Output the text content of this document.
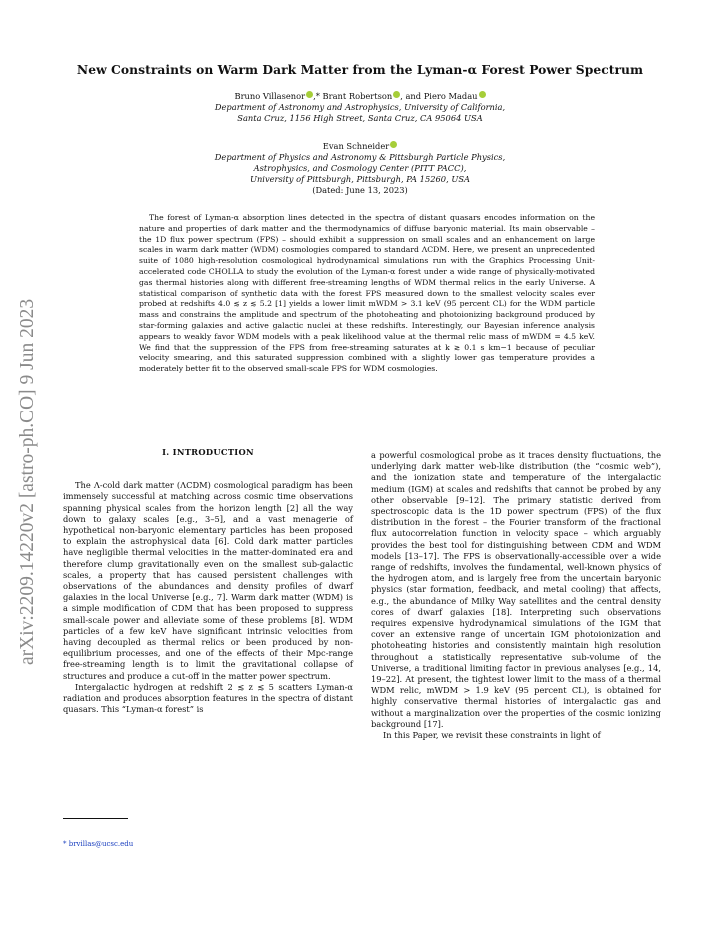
arXiv:2209.14220v2 [astro-ph.CO] 9 Jun 2023
New Constraints on Warm Dark Matter from the Lyman-α Forest Power Spectrum
Bruno Villasenor ,* Brant Robertson , and Piero Madau
Department of Astronomy and Astrophysics, University of California,
Santa Cruz, 1156 High Street, Santa Cruz, CA 95064 USA
Evan Schneider
Department of Physics and Astronomy & Pittsburgh Particle Physics,
Astrophysics, and Cosmology Center (PITT PACC),
University of Pittsburgh, Pittsburgh, PA 15260, USA
(Dated: June 13, 2023)

The forest of Lyman-α absorption lines detected in the spectra of distant quasars encodes information on the nature and properties of dark matter and the thermodynamics of diffuse baryonic material. Its main observable – the 1D flux power spectrum (FPS) – should exhibit a suppression on small scales and an enhancement on large scales in warm dark matter (WDM) cosmologies compared to standard ΛCDM. Here, we present an unprecedented suite of 1080 high-resolution cosmological hydrodynamical simulations run with the Graphics Processing Unit-accelerated code CHOLLA to study the evolution of the Lyman-α forest under a wide range of physically-motivated gas thermal histories along with different free-streaming lengths of WDM thermal relics in the early Universe. A statistical comparison of synthetic data with the forest FPS measured down to the smallest velocity scales ever probed at redshifts 4.0 ≲ z ≲ 5.2 [1] yields a lower limit mWDM > 3.1 keV (95 percent CL) for the WDM particle mass and constrains the amplitude and spectrum of the photoheating and photoionizing background produced by star-forming galaxies and active galactic nuclei at these redshifts. Interestingly, our Bayesian inference analysis appears to weakly favor WDM models with a peak likelihood value at the thermal relic mass of mWDM = 4.5 keV. We find that the suppression of the FPS from free-streaming saturates at k ≳ 0.1 s km−1 because of peculiar velocity smearing, and this saturated suppression combined with a slightly lower gas temperature provides a moderately better fit to the observed small-scale FPS for WDM cosmologies.

I. INTRODUCTION

The Λ-cold dark matter (ΛCDM) cosmological paradigm has been immensely successful at matching across cosmic time observations spanning physical scales from the horizon length [2] all the way down to galaxy scales [e.g., 3–5], and a vast menagerie of hypothetical non-baryonic elementary particles has been proposed to explain the astrophysical data [6]. Cold dark matter particles have negligible thermal velocities in the matter-dominated era and therefore clump gravitationally even on the smallest sub-galactic scales, a property that has caused persistent challenges with observations of the abundances and density profiles of dwarf galaxies in the local Universe [e.g., 7]. Warm dark matter (WDM) is a simple modification of CDM that has been proposed to suppress small-scale power and alleviate some of these problems [8]. WDM particles of a few keV have significant intrinsic velocities from having decoupled as thermal relics or been produced by non-equilibrium processes, and one of the effects of their Mpc-range free-streaming length is to limit the gravitational collapse of structures and produce a cut-off in the matter power spectrum.

Intergalactic hydrogen at redshift 2 ≲ z ≲ 5 scatters Lyman-α radiation and produces absorption features in the spectra of distant quasars. This “Lyman-α forest” is

a powerful cosmological probe as it traces density fluctuations, the underlying dark matter web-like distribution (the “cosmic web”), and the ionization state and temperature of the intergalactic medium (IGM) at scales and redshifts that cannot be probed by any other observable [9–12]. The primary statistic derived from spectroscopic data is the 1D power spectrum (FPS) of the flux distribution in the forest – the Fourier transform of the fractional flux autocorrelation function in velocity space – which arguably provides the best tool for distinguishing between CDM and WDM models [13–17]. The FPS is observationally-accessible over a wide range of redshifts, involves the fundamental, well-known physics of the hydrogen atom, and is largely free from the uncertain baryonic physics (star formation, feedback, and metal cooling) that affects, e.g., the abundance of Milky Way satellites and the central density cores of dwarf galaxies [18]. Interpreting such observations requires expensive hydrodynamical simulations of the IGM that cover an extensive range of uncertain IGM photoionization and photoheating histories and consistently maintain high resolution throughout a statistically representative sub-volume of the Universe, a traditional limiting factor in previous analyses [e.g., 14, 19–22]. At present, the tightest lower limit to the mass of a thermal WDM relic, mWDM > 1.9 keV (95 percent CL), is obtained for highly conservative thermal histories of intergalactic gas and without a marginalization over the properties of the cosmic ionizing background [17].

In this Paper, we revisit these constraints in light of

* brvillas@ucsc.edu
